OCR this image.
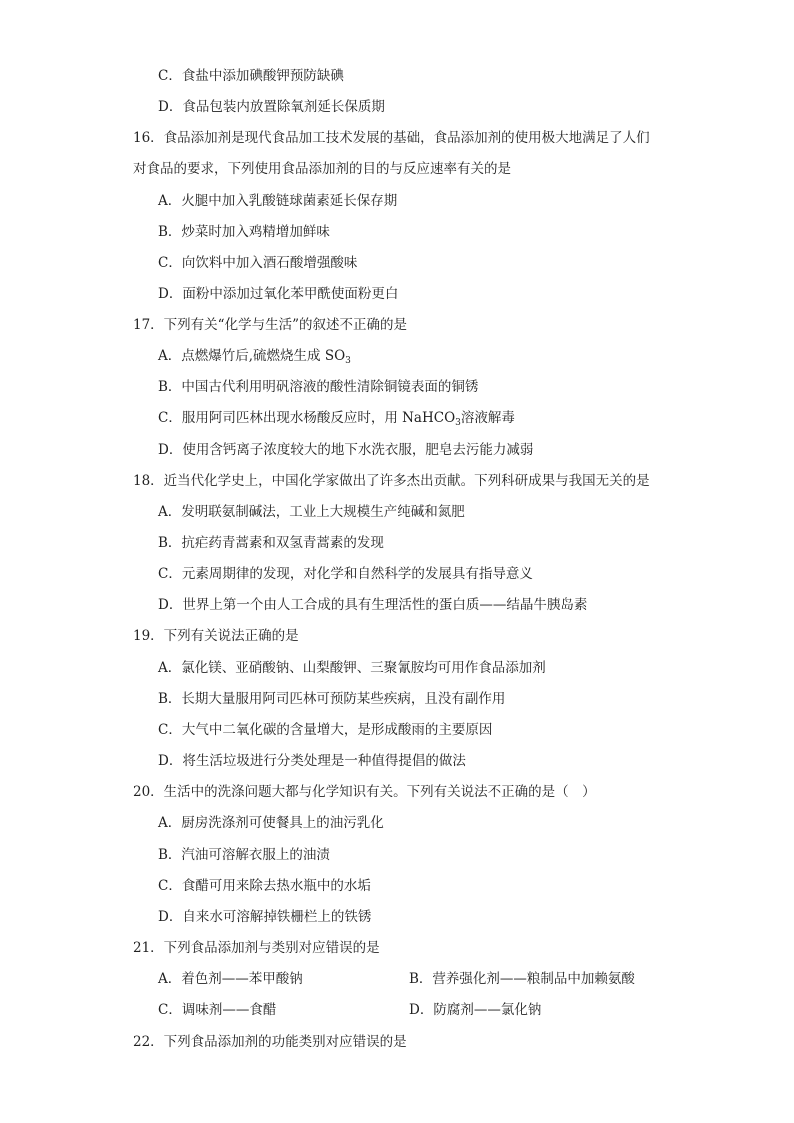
C．食盐中添加碘酸钾预防缺碘
D．食品包装内放置除氧剂延长保质期
16．食品添加剂是现代食品加工技术发展的基础，食品添加剂的使用极大地满足了人们
对食品的要求，下列使用食品添加剂的目的与反应速率有关的是
A．火腿中加入乳酸链球菌素延长保存期
B．炒菜时加入鸡精增加鲜味
C．向饮料中加入酒石酸增强酸味
D．面粉中添加过氧化苯甲酰使面粉更白
17．下列有关“化学与生活”的叙述不正确的是
A．点燃爆竹后,硫燃烧生成 $SO_3$
B．中国古代利用明矾溶液的酸性清除铜镜表面的铜锈
C．服用阿司匹林出现水杨酸反应时，用 NaHCO$_3$溶液解毒
D．使用含钙离子浓度较大的地下水洗衣服，肥皂去污能力减弱
18．近当代化学史上，中国化学家做出了许多杰出贡献。下列科研成果与我国无关的是
A．发明联氨制碱法，工业上大规模生产纯碱和氮肥
B．抗疟药青蒿素和双氢青蒿素的发现
C．元素周期律的发现，对化学和自然科学的发展具有指导意义
D．世界上第一个由人工合成的具有生理活性的蛋白质——结晶牛胰岛素
19．下列有关说法正确的是
A．氯化镁、亚硝酸钠、山梨酸钾、三聚氰胺均可用作食品添加剂
B．长期大量服用阿司匹林可预防某些疾病，且没有副作用
C．大气中二氧化碳的含量增大，是形成酸雨的主要原因
D．将生活垃圾进行分类处理是一种值得提倡的做法
20．生活中的洗涤问题大都与化学知识有关。下列有关说法不正确的是（　）
A．厨房洗涤剂可使餐具上的油污乳化
B．汽油可溶解衣服上的油渍
C．食醋可用来除去热水瓶中的水垢
D．自来水可溶解掉铁栅栏上的铁锈
21．下列食品添加剂与类别对应错误的是
A．着色剂——苯甲酸钠	B．营养强化剂——粮制品中加赖氨酸
C．调味剂——食醋	D．防腐剂——氯化钠
22．下列食品添加剂的功能类别对应错误的是
